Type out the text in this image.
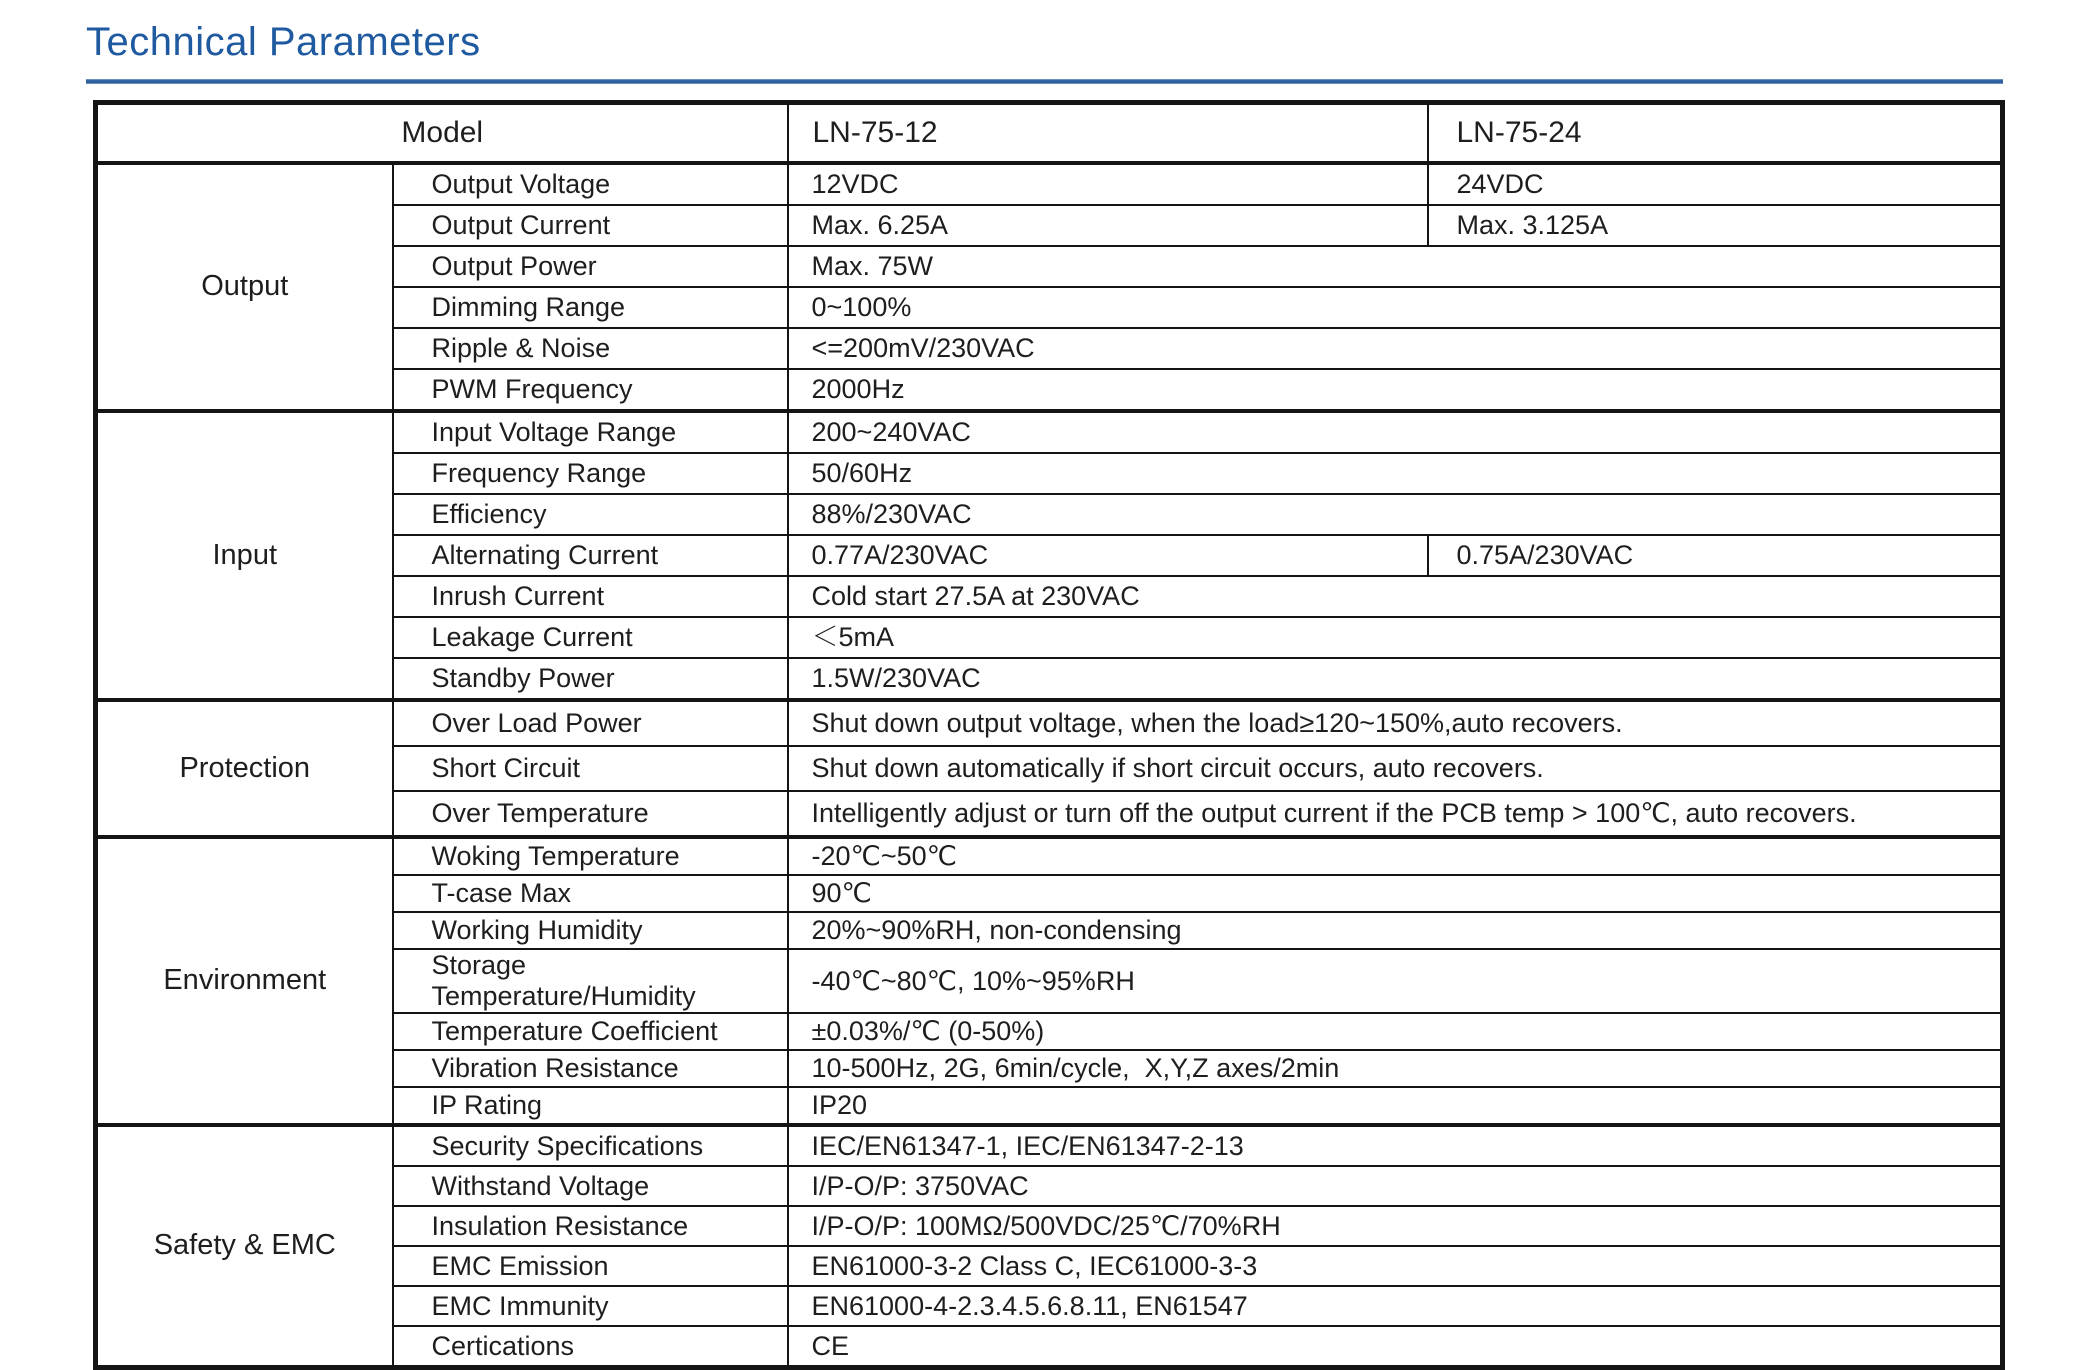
Technical Parameters
Model		LN-75-12	LN-75-24
Output	Output Voltage	12VDC	24VDC
	Output Current	Max. 6.25A	Max. 3.125A
	Output Power	Max. 75W	
	Dimming Range	0~100%	
	Ripple & Noise	<=200mV/230VAC	
	PWM Frequency	2000Hz	
Input	Input Voltage Range	200~240VAC	
	Frequency Range	50/60Hz	
	Efficiency	88%/230VAC	
	Alternating Current	0.77A/230VAC	0.75A/230VAC
	Inrush Current	Cold start 27.5A at 230VAC	
	Leakage Current	＜5mA	
	Standby Power	1.5W/230VAC	
Protection	Over Load Power	Shut down output voltage, when the load≥120~150%,auto recovers.	
	Short Circuit	Shut down automatically if short circuit occurs, auto recovers.	
	Over Temperature	Intelligently adjust or turn off the output current if the PCB temp > 100℃, auto recovers.	
Environment	Woking Temperature	-20℃~50℃	
	T-case Max	90℃	
	Working Humidity	20%~90%RH, non-condensing	
	Storage Temperature/Humidity	-40℃~80℃, 10%~95%RH	
	Temperature Coefficient	±0.03%/℃ (0-50%)	
	Vibration Resistance	10-500Hz, 2G, 6min/cycle,  X,Y,Z axes/2min	
	IP Rating	IP20	
Safety & EMC	Security Specifications	IEC/EN61347-1, IEC/EN61347-2-13	
	Withstand Voltage	I/P-O/P: 3750VAC	
	Insulation Resistance	I/P-O/P: 100MΩ/500VDC/25℃/70%RH	
	EMC Emission	EN61000-3-2 Class C, IEC61000-3-3	
	EMC Immunity	EN61000-4-2.3.4.5.6.8.11, EN61547	
	Certications	CE	
